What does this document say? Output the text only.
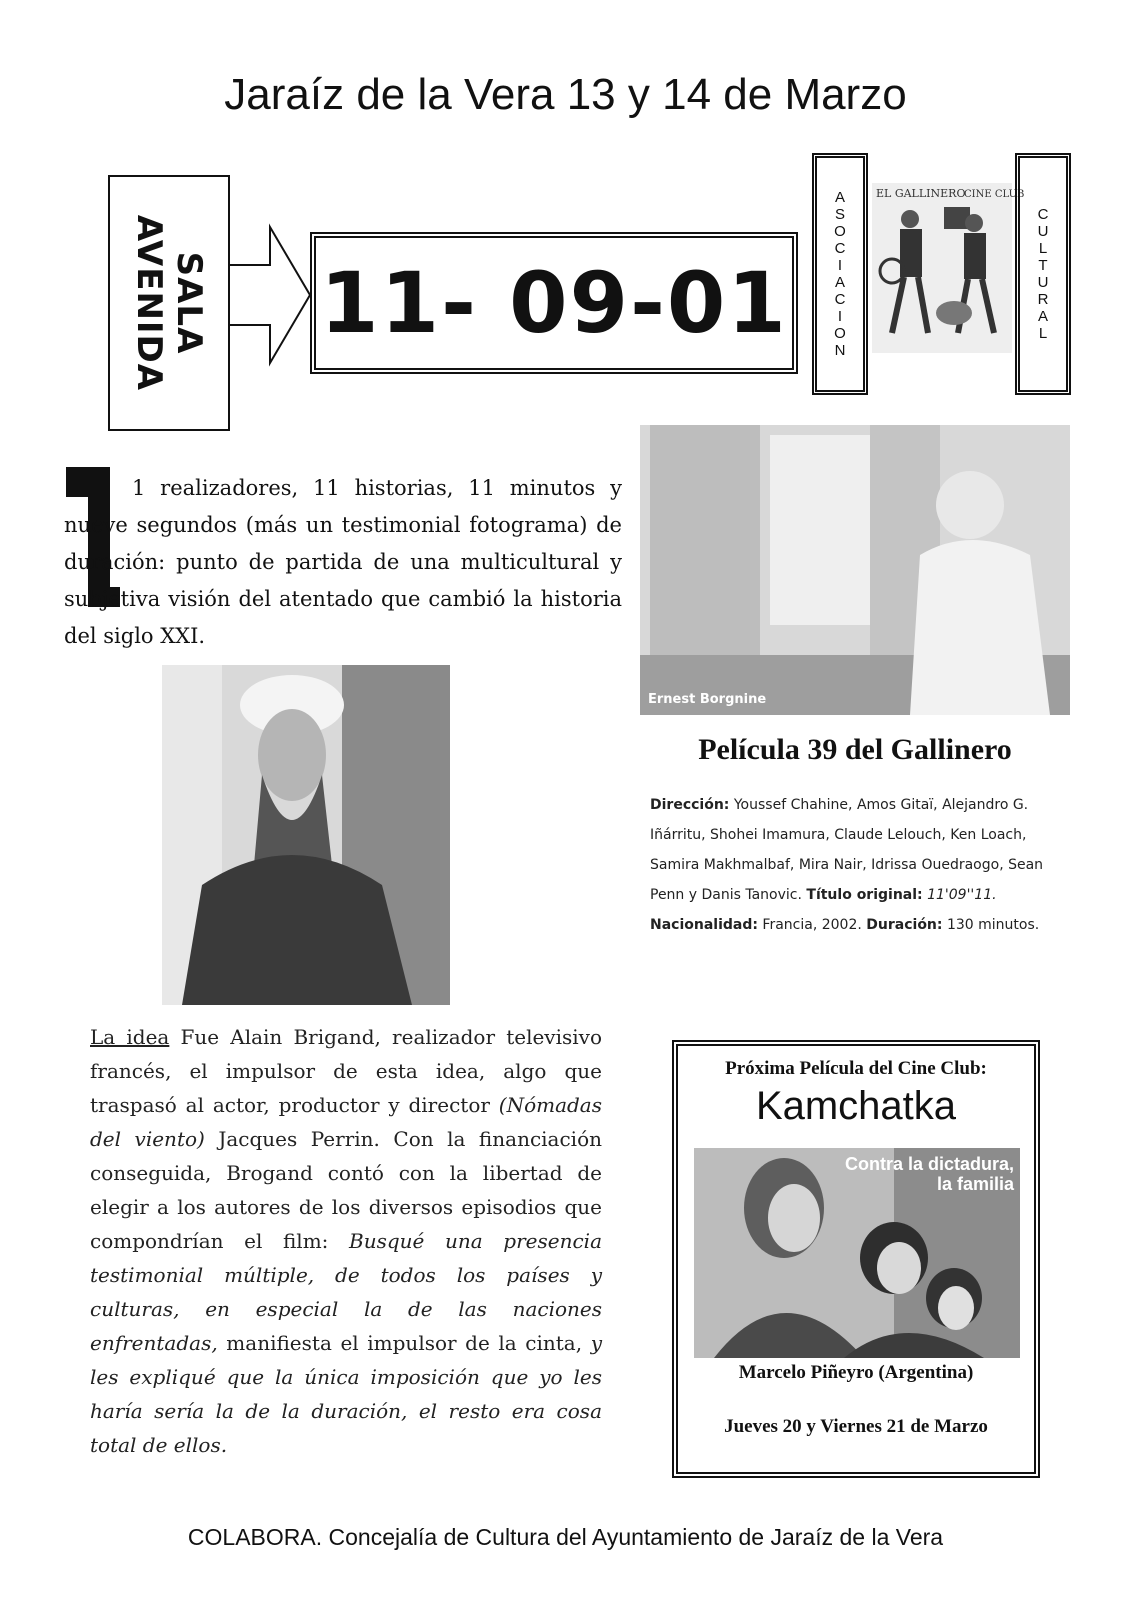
Jaraíz de la Vera 13 y 14 de Marzo
SALA
AVENIDA 11- 09-01
A
S
O
C
I
A
C
I
O
N
EL GALLINERO
CINE CLUB
C
U
L
T
U
R
A
L
Ernest Borgnine
1 realizadores, 11 historias, 11 minutos y nueve segundos (más un testimonial fotograma) de duración: punto de partida de una multicultural y subjetiva visión del atentado que cambió la historia del siglo XXI.
Película 39 del Gallinero
Dirección: Youssef Chahine, Amos Gitaï, Alejandro G. Iñárritu, Shohei Imamura, Claude Lelouch, Ken Loach, Samira Makhmalbaf, Mira Nair, Idrissa Ouedraogo, Sean Penn y Danis Tanovic. Título original: 11'09''11. Nacionalidad: Francia, 2002. Duración: 130 minutos.
La idea Fue Alain Brigand, realizador televisivo francés, el impulsor de esta idea, algo que traspasó al actor, productor y director (Nómadas del viento) Jacques Perrin. Con la financiación conseguida, Brogand contó con la libertad de elegir a los autores de los diversos episodios que compondrían el film: Busqué una presencia testimonial múltiple, de todos los países y culturas, en especial la de las naciones enfrentadas, manifiesta el impulsor de la cinta, y les expliqué que la única imposición que yo les haría sería la de la duración, el resto era cosa total de ellos.
Próxima Película del Cine Club:
Kamchatka
Contra la dictadura,
la familia
Marcelo Piñeyro (Argentina)
Jueves 20 y Viernes 21 de Marzo
COLABORA. Concejalía de Cultura del Ayuntamiento de Jaraíz de la Vera
